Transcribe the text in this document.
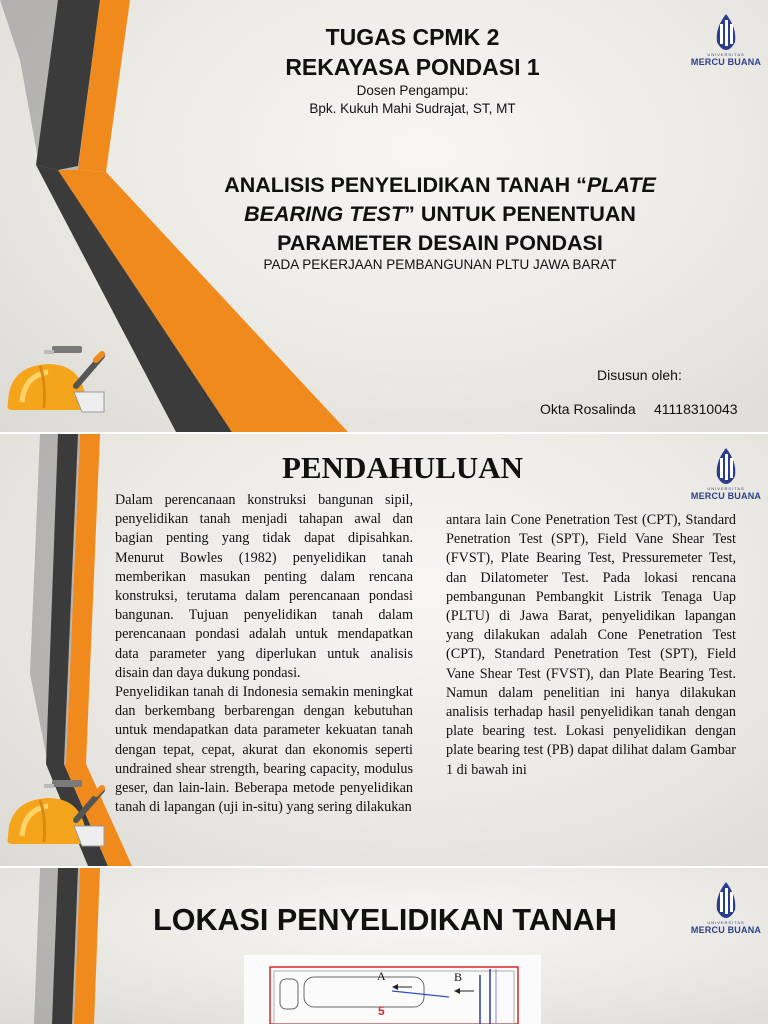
UNIVERSITAS
MERCU BUANA
TUGAS CPMK 2
REKAYASA PONDASI 1
Dosen Pengampu:
Bpk. Kukuh Mahi Sudrajat, ST, MT
ANALISIS PENYELIDIKAN TANAH “PLATE BEARING TEST” UNTUK PENENTUAN PARAMETER DESAIN PONDASI
PADA PEKERJAAN PEMBANGUNAN PLTU JAWA BARAT
Disusun oleh:
Okta Rosalinda 41118310043
UNIVERSITAS
MERCU BUANA
PENDAHULUAN

Dalam perencanaan konstruksi bangunan sipil, penyelidikan tanah menjadi tahapan awal dan bagian penting yang tidak dapat dipisahkan. Menurut Bowles (1982) penyelidikan tanah memberikan masukan penting dalam rencana konstruksi, terutama dalam perencanaan pondasi bangunan. Tujuan penyelidikan tanah dalam perencanaan pondasi adalah untuk mendapatkan data parameter yang diperlukan untuk analisis disain dan daya dukung pondasi.

Penyelidikan tanah di Indonesia semakin meningkat dan berkembang berbarengan dengan kebutuhan untuk mendapatkan data parameter kekuatan tanah dengan tepat, cepat, akurat dan ekonomis seperti undrained shear strength, bearing capacity, modulus geser, dan lain-lain. Beberapa metode penyelidikan tanah di lapangan (uji in-situ) yang sering dilakukan

antara lain Cone Penetration Test (CPT), Standard Penetration Test (SPT), Field Vane Shear Test (FVST), Plate Bearing Test, Pressuremeter Test, dan Dilatometer Test. Pada lokasi rencana pembangunan Pembangkit Listrik Tenaga Uap (PLTU) di Jawa Barat, penyelidikan lapangan yang dilakukan adalah Cone Penetration Test (CPT), Standard Penetration Test (SPT), Field Vane Shear Test (FVST), dan Plate Bearing Test. Namun dalam penelitian ini hanya dilakukan analisis terhadap hasil penyelidikan tanah dengan plate bearing test. Lokasi penyelidikan dengan plate bearing test (PB) dapat dilihat dalam Gambar 1 di bawah ini

UNIVERSITAS
MERCU BUANA
LOKASI PENYELIDIKAN TANAH
A	B
5
